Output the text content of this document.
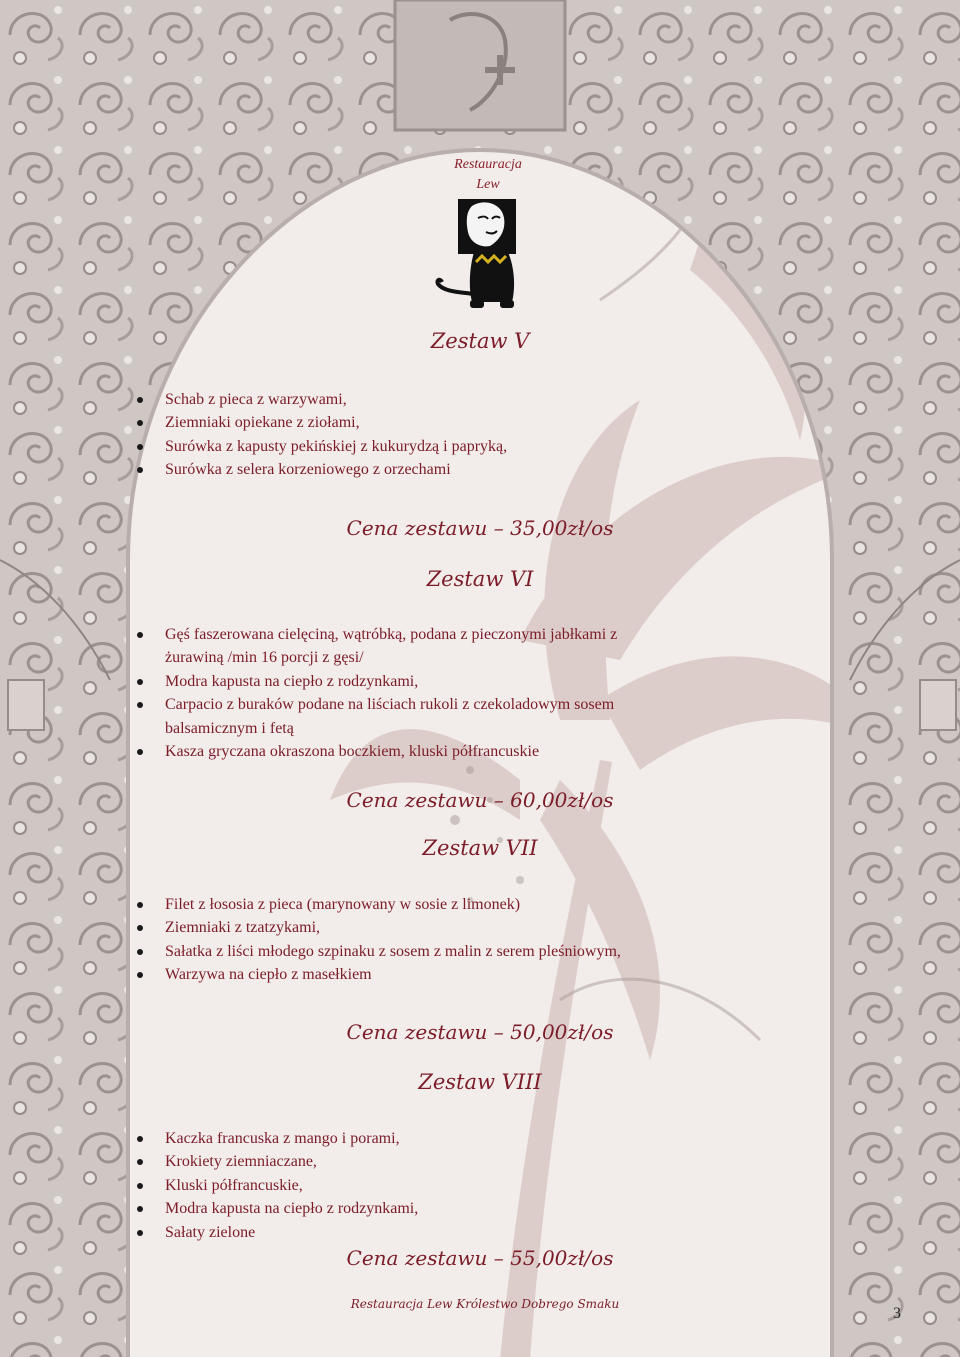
Restauracja
Lew
Zestaw V
Schab z pieca z warzywami,
Ziemniaki opiekane z ziołami,
Surówka z kapusty pekińskiej z kukurydzą i papryką,
Surówka z selera korzeniowego z orzechami
Cena zestawu – 35,00zł/os
Zestaw VI
Gęś faszerowana cielęciną, wątróbką, podana z pieczonymi jabłkami z żurawiną /min 16 porcji z gęsi/
Modra kapusta na ciepło z rodzynkami,
Carpacio z buraków podane na liściach rukoli z czekoladowym sosem balsamicznym i fetą
Kasza gryczana okraszona boczkiem, kluski półfrancuskie
Cena zestawu – 60,00zł/os
Zestaw VII
Filet z łososia z pieca (marynowany w sosie z limonek)
Ziemniaki z tzatzykami,
Sałatka z liści młodego szpinaku z sosem z malin z serem pleśniowym,
Warzywa na ciepło z masełkiem
Cena zestawu – 50,00zł/os
Zestaw VIII
Kaczka francuska z mango i porami,
Krokiety ziemniaczane,
Kluski półfrancuskie,
Modra kapusta na ciepło z rodzynkami,
Sałaty zielone
Cena zestawu – 55,00zł/os
Restauracja Lew Królestwo Dobrego Smaku
3
